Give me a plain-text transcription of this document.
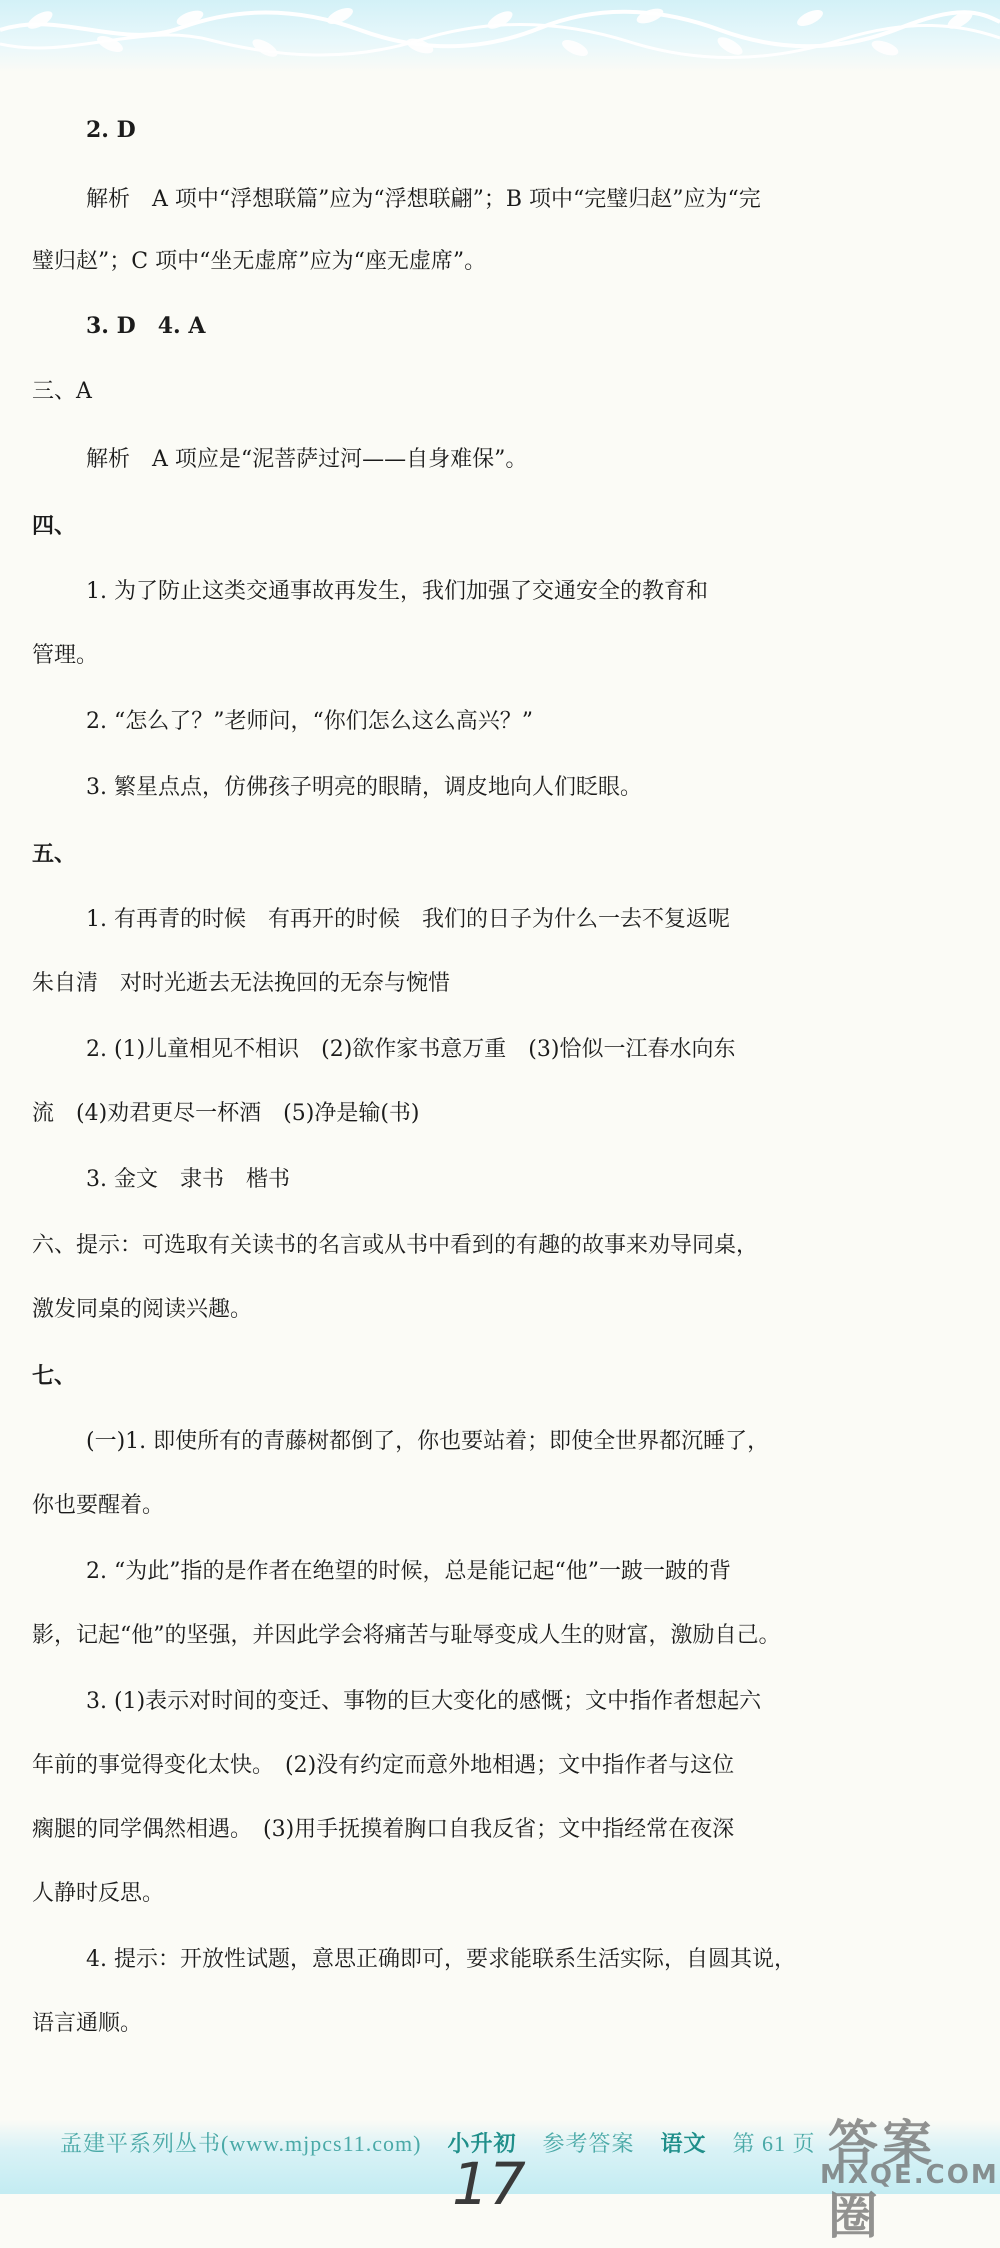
2. D
解析　A 项中“浮想联篇”应为“浮想联翩”；B 项中“完璧归赵”应为“完
璧归赵”；C 项中“坐无虚席”应为“座无虚席”。
3. D　4. A
三、A
解析　A 项应是“泥菩萨过河——自身难保”。
四、
1. 为了防止这类交通事故再发生，我们加强了交通安全的教育和
管理。
2. “怎么了？”老师问，“你们怎么这么高兴？”
3. 繁星点点，仿佛孩子明亮的眼睛，调皮地向人们眨眼。
五、
1. 有再青的时候　有再开的时候　我们的日子为什么一去不复返呢
朱自清　对时光逝去无法挽回的无奈与惋惜
2. (1)儿童相见不相识　(2)欲作家书意万重　(3)恰似一江春水向东
流　(4)劝君更尽一杯酒　(5)净是输(书)
3. 金文　隶书　楷书
六、提示：可选取有关读书的名言或从书中看到的有趣的故事来劝导同桌，
激发同桌的阅读兴趣。
七、
(一)1. 即使所有的青藤树都倒了，你也要站着；即使全世界都沉睡了，
你也要醒着。
2. “为此”指的是作者在绝望的时候，总是能记起“他”一跛一跛的背
影，记起“他”的坚强，并因此学会将痛苦与耻辱变成人生的财富，激励自己。
3. (1)表示对时间的变迁、事物的巨大变化的感慨；文中指作者想起六
年前的事觉得变化太快。　(2)没有约定而意外地相遇；文中指作者与这位
瘸腿的同学偶然相遇。　(3)用手抚摸着胸口自我反省；文中指经常在夜深
人静时反思。
4. 提示：开放性试题，意思正确即可，要求能联系生活实际，自圆其说，
语言通顺。
孟建平系列丛书(www.mjpcs11.com) 小升初 参考答案 语文 第 61 页
17
答案圈
MXQE.COM
